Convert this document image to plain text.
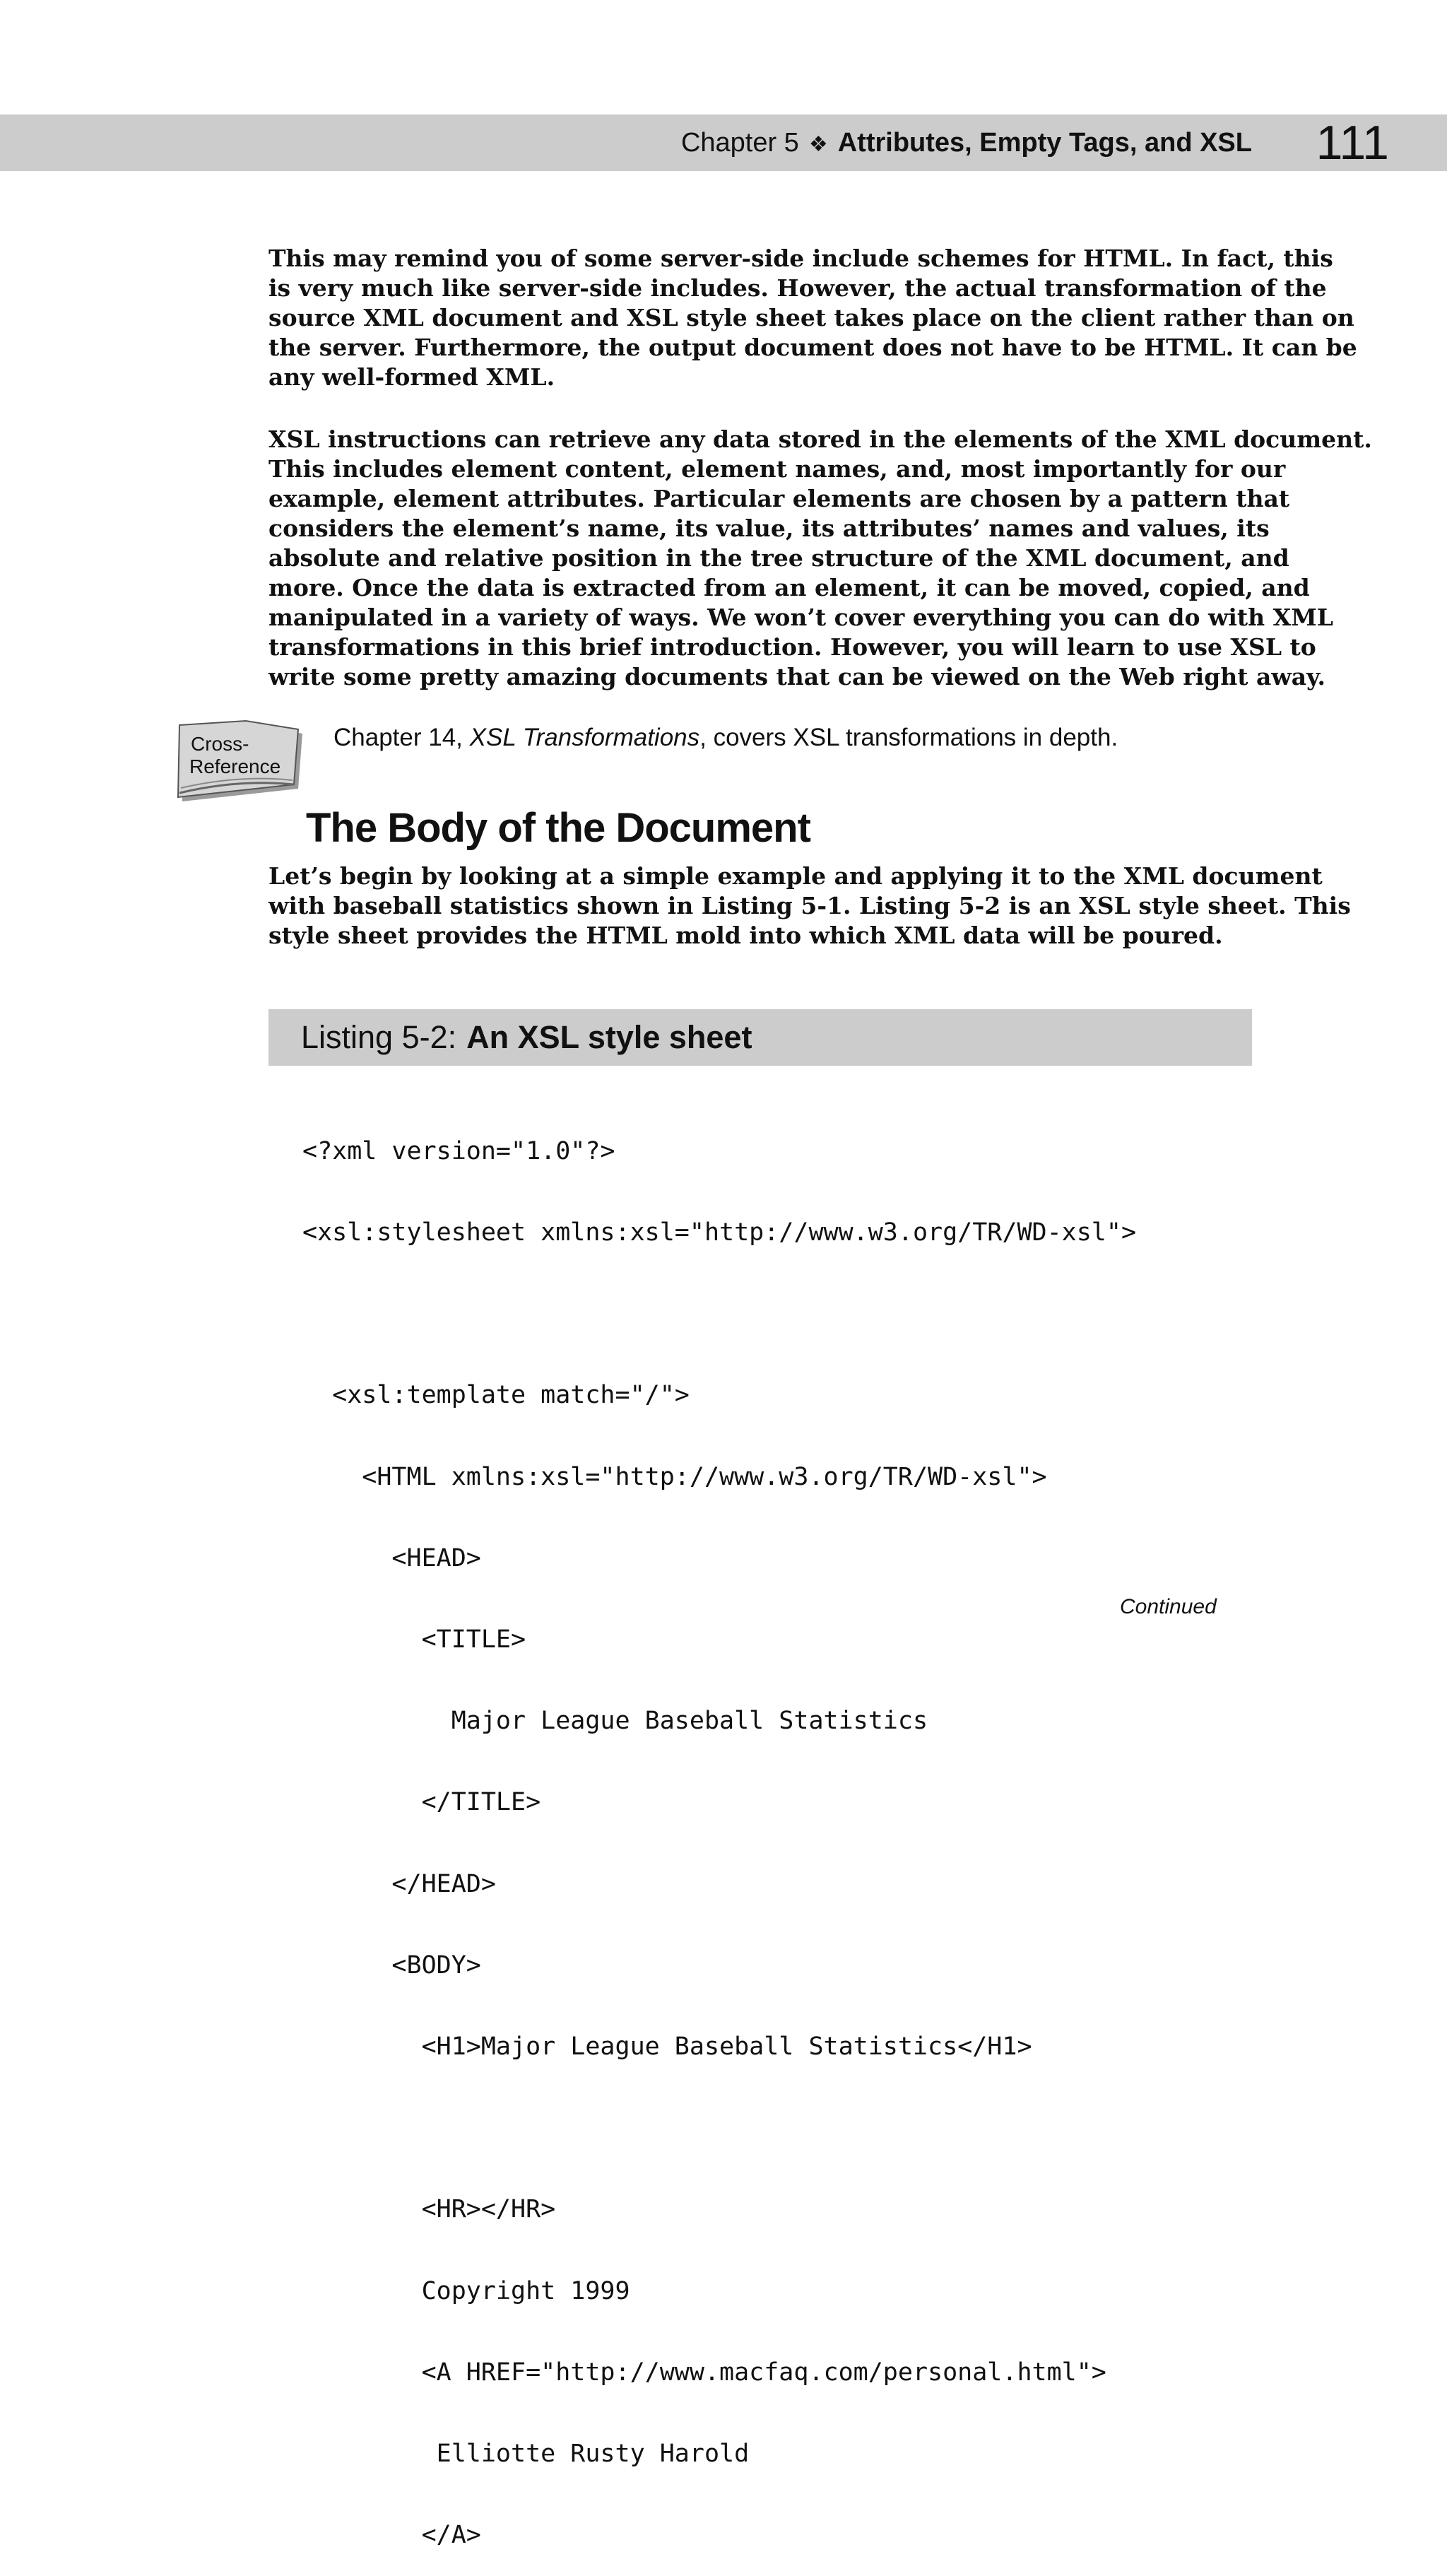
Chapter 5 ❖ Attributes, Empty Tags, and XSL 111

This may remind you of some server-side include schemes for HTML. In fact, this
is very much like server-side includes. However, the actual transformation of the
source XML document and XSL style sheet takes place on the client rather than on
the server. Furthermore, the output document does not have to be HTML. It can be
any well-formed XML.

XSL instructions can retrieve any data stored in the elements of the XML document.
This includes element content, element names, and, most importantly for our
example, element attributes. Particular elements are chosen by a pattern that
considers the element’s name, its value, its attributes’ names and values, its
absolute and relative position in the tree structure of the XML document, and
more. Once the data is extracted from an element, it can be moved, copied, and
manipulated in a variety of ways. We won’t cover everything you can do with XML
transformations in this brief introduction. However, you will learn to use XSL to
write some pretty amazing documents that can be viewed on the Web right away.

Cross-
Reference
Chapter 14, XSL Transformations, covers XSL transformations in depth.
The Body of the Document

Let’s begin by looking at a simple example and applying it to the XML document
with baseball statistics shown in Listing 5-1. Listing 5-2 is an XSL style sheet. This
style sheet provides the HTML mold into which XML data will be poured.

Listing 5-2: An XSL style sheet

<?xml version="1.0"?>

<xsl:stylesheet xmlns:xsl="http://www.w3.org/TR/WD-xsl">

<xsl:template match="/">

<HTML xmlns:xsl="http://www.w3.org/TR/WD-xsl">

<HEAD>

<TITLE>

Major League Baseball Statistics

</TITLE>

</HEAD>

<BODY>

<H1>Major League Baseball Statistics</H1>

<HR></HR>

Copyright 1999

<A HREF="http://www.macfaq.com/personal.html">

Elliotte Rusty Harold

</A>

Continued
